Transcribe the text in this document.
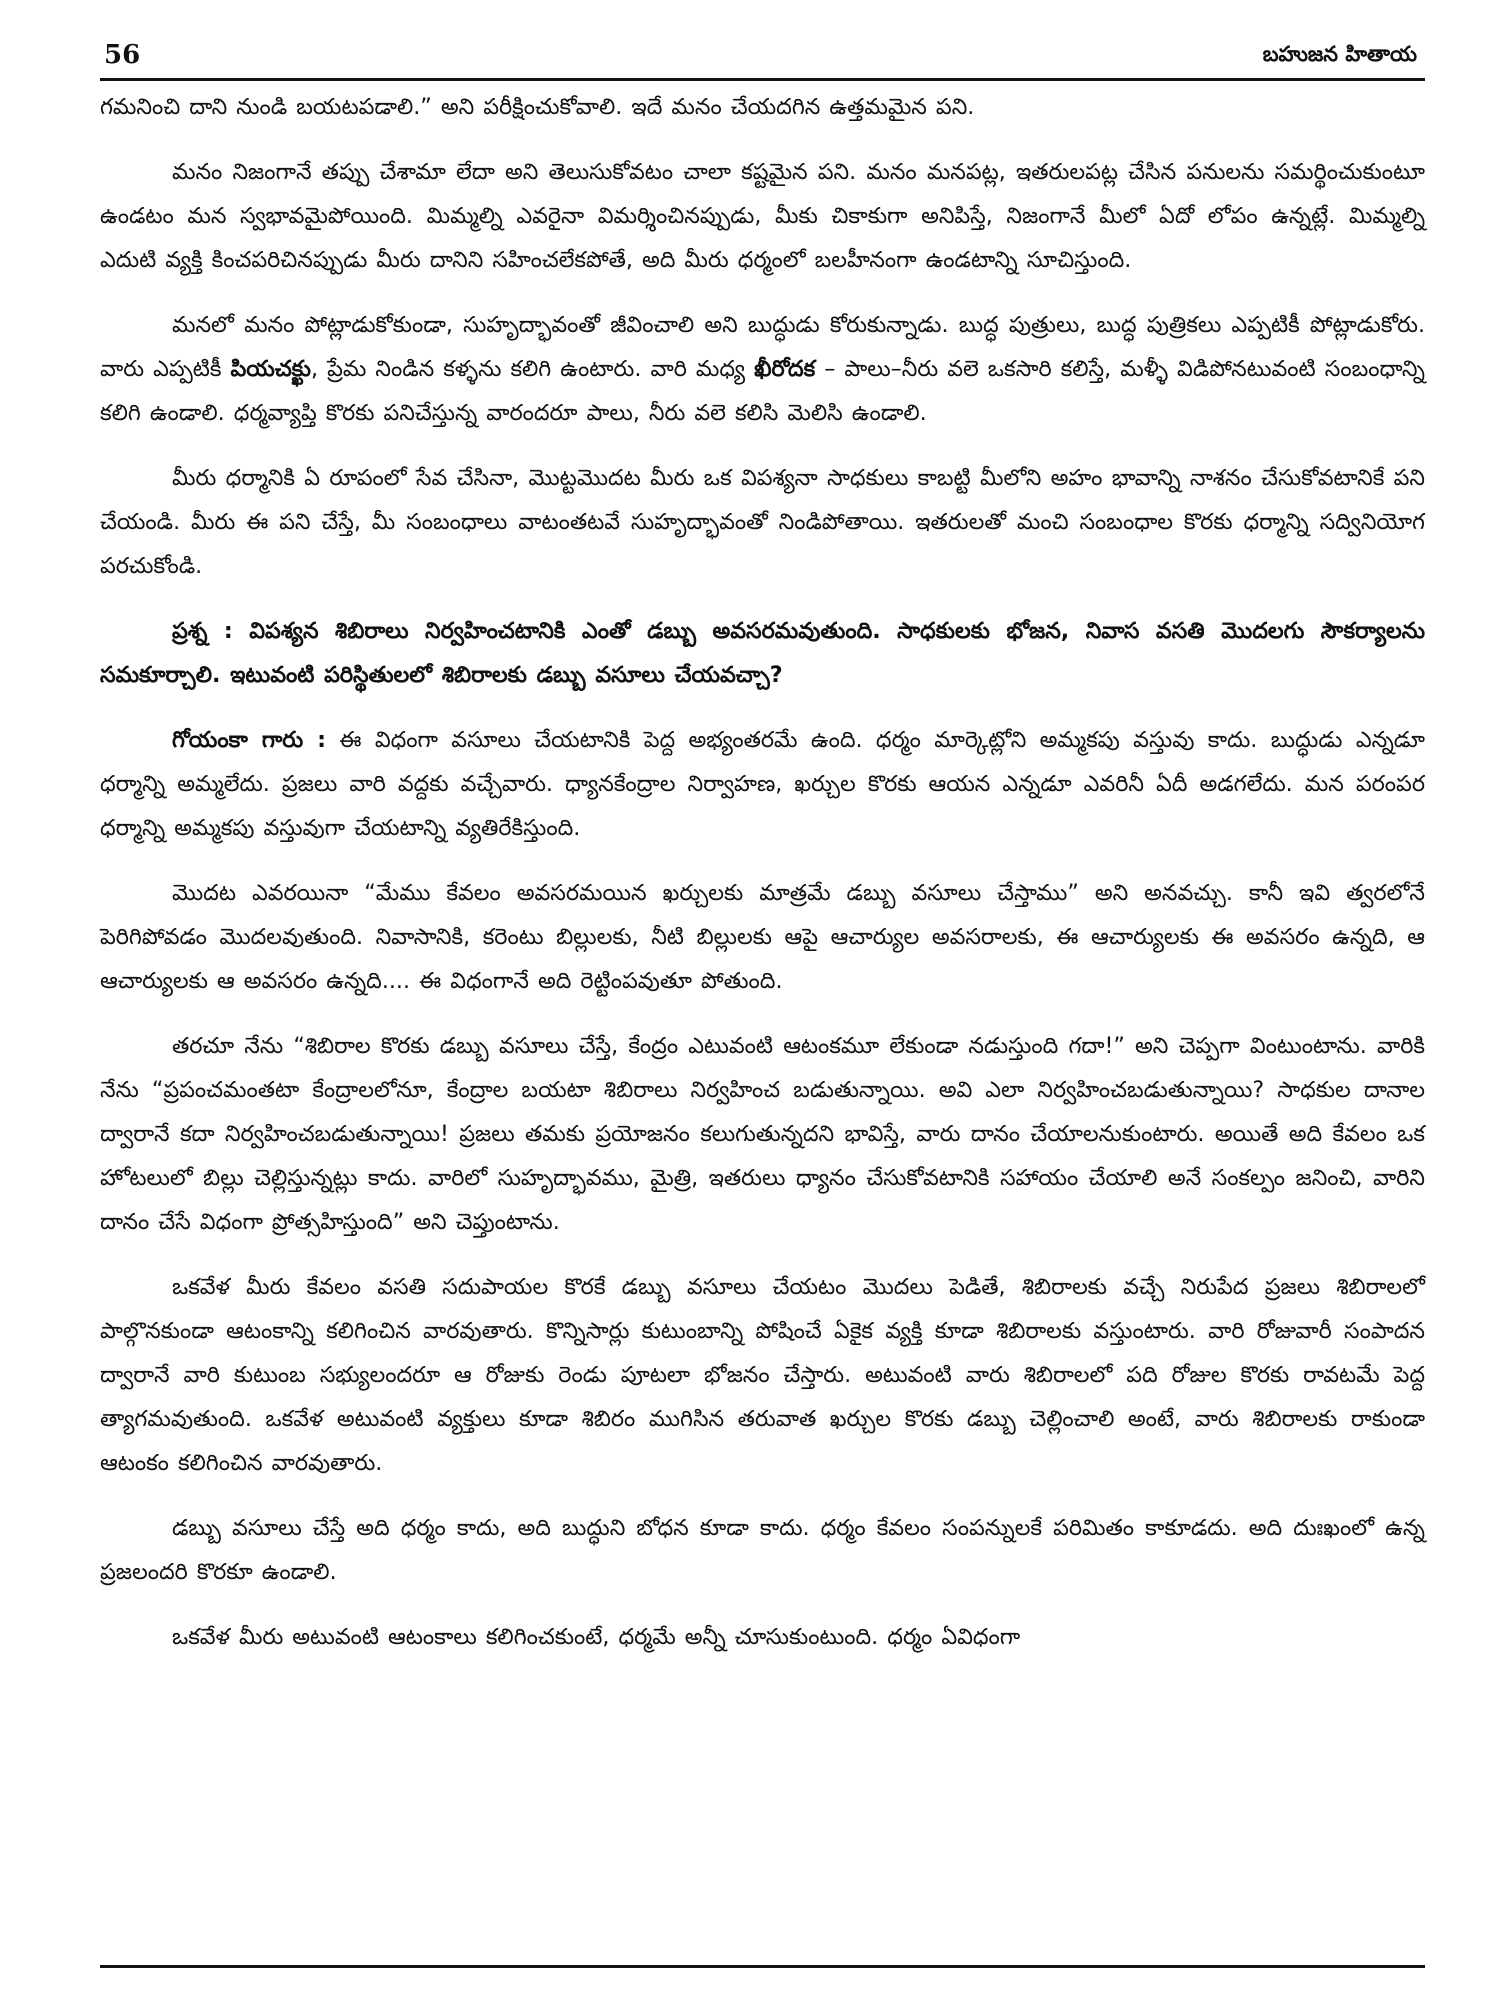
56	బహుజన హితాయ

గమనించి దాని నుండి బయటపడాలి.” అని పరీక్షించుకోవాలి. ఇదే మనం చేయదగిన ఉత్తమమైన పని.

మనం నిజంగానే తప్పు చేశామా లేదా అని తెలుసుకోవటం చాలా కష్టమైన పని. మనం మనపట్ల, ఇతరులపట్ల చేసిన పనులను సమర్థించుకుంటూ ఉండటం మన స్వభావమైపోయింది. మిమ్మల్ని ఎవరైనా విమర్శించినప్పుడు, మీకు చికాకుగా అనిపిస్తే, నిజంగానే మీలో ఏదో లోపం ఉన్నట్లే. మిమ్మల్ని ఎదుటి వ్యక్తి కించపరిచినప్పుడు మీరు దానిని సహించలేకపోతే, అది మీరు ధర్మంలో బలహీనంగా ఉండటాన్ని సూచిస్తుంది.

మనలో మనం పోట్లాడుకోకుండా, సుహృద్భావంతో జీవించాలి అని బుద్ధుడు కోరుకున్నాడు. బుద్ధ పుత్రులు, బుద్ధ పుత్రికలు ఎప్పటికీ పోట్లాడుకోరు. వారు ఎప్పటికీ పియచక్ఖు, ప్రేమ నిండిన కళ్ళను కలిగి ఉంటారు. వారి మధ్య ఖీరోదక – పాలు–నీరు వలె ఒకసారి కలిస్తే, మళ్ళీ విడిపోనటువంటి సంబంధాన్ని కలిగి ఉండాలి. ధర్మవ్యాప్తి కొరకు పనిచేస్తున్న వారందరూ పాలు, నీరు వలె కలిసి మెలిసి ఉండాలి.

మీరు ధర్మానికి ఏ రూపంలో సేవ చేసినా, మొట్టమొదట మీరు ఒక విపశ్యనా సాధకులు కాబట్టి మీలోని అహం భావాన్ని నాశనం చేసుకోవటానికే పని చేయండి. మీరు ఈ పని చేస్తే, మీ సంబంధాలు వాటంతటవే సుహృద్భావంతో నిండిపోతాయి. ఇతరులతో మంచి సంబంధాల కొరకు ధర్మాన్ని సద్వినియోగ పరచుకోండి.

ప్రశ్న : విపశ్యన శిబిరాలు నిర్వహించటానికి ఎంతో డబ్బు అవసరమవుతుంది. సాధకులకు భోజన, నివాస వసతి మొదలగు సౌకర్యాలను సమకూర్చాలి. ఇటువంటి పరిస్థితులలో శిబిరాలకు డబ్బు వసూలు చేయవచ్చా?

గోయంకా గారు : ఈ విధంగా వసూలు చేయటానికి పెద్ద అభ్యంతరమే ఉంది. ధర్మం మార్కెట్లోని అమ్మకపు వస్తువు కాదు. బుద్ధుడు ఎన్నడూ ధర్మాన్ని అమ్మలేదు. ప్రజలు వారి వద్దకు వచ్చేవారు. ధ్యానకేంద్రాల నిర్వాహణ, ఖర్చుల కొరకు ఆయన ఎన్నడూ ఎవరినీ ఏదీ అడగలేదు. మన పరంపర ధర్మాన్ని అమ్మకపు వస్తువుగా చేయటాన్ని వ్యతిరేకిస్తుంది.

మొదట ఎవరయినా “మేము కేవలం అవసరమయిన ఖర్చులకు మాత్రమే డబ్బు వసూలు చేస్తాము” అని అనవచ్చు. కానీ ఇవి త్వరలోనే పెరిగిపోవడం మొదలవుతుంది. నివాసానికి, కరెంటు బిల్లులకు, నీటి బిల్లులకు ఆపై ఆచార్యుల అవసరాలకు, ఈ ఆచార్యులకు ఈ అవసరం ఉన్నది, ఆ ఆచార్యులకు ఆ అవసరం ఉన్నది.... ఈ విధంగానే అది రెట్టింపవుతూ పోతుంది.

తరచూ నేను “శిబిరాల కొరకు డబ్బు వసూలు చేస్తే, కేంద్రం ఎటువంటి ఆటంకమూ లేకుండా నడుస్తుంది గదా!” అని చెప్పగా వింటుంటాను. వారికి నేను “ప్రపంచమంతటా కేంద్రాలలోనూ, కేంద్రాల బయటా శిబిరాలు నిర్వహించ బడుతున్నాయి. అవి ఎలా నిర్వహించబడుతున్నాయి? సాధకుల దానాల ద్వారానే కదా నిర్వహించబడుతున్నాయి! ప్రజలు తమకు ప్రయోజనం కలుగుతున్నదని భావిస్తే, వారు దానం చేయాలనుకుంటారు. అయితే అది కేవలం ఒక హోటలులో బిల్లు చెల్లిస్తున్నట్లు కాదు. వారిలో సుహృద్భావము, మైత్రి, ఇతరులు ధ్యానం చేసుకోవటానికి సహాయం చేయాలి అనే సంకల్పం జనించి, వారిని దానం చేసే విధంగా ప్రోత్సహిస్తుంది” అని చెప్తుంటాను.

ఒకవేళ మీరు కేవలం వసతి సదుపాయల కొరకే డబ్బు వసూలు చేయటం మొదలు పెడితే, శిబిరాలకు వచ్చే నిరుపేద ప్రజలు శిబిరాలలో పాల్గొనకుండా ఆటంకాన్ని కలిగించిన వారవుతారు. కొన్నిసార్లు కుటుంబాన్ని పోషించే ఏకైక వ్యక్తి కూడా శిబిరాలకు వస్తుంటారు. వారి రోజువారీ సంపాదన ద్వారానే వారి కుటుంబ సభ్యులందరూ ఆ రోజుకు రెండు పూటలా భోజనం చేస్తారు. అటువంటి వారు శిబిరాలలో పది రోజుల కొరకు రావటమే పెద్ద త్యాగమవుతుంది. ఒకవేళ అటువంటి వ్యక్తులు కూడా శిబిరం ముగిసిన తరువాత ఖర్చుల కొరకు డబ్బు చెల్లించాలి అంటే, వారు శిబిరాలకు రాకుండా ఆటంకం కలిగించిన వారవుతారు.

డబ్బు వసూలు చేస్తే అది ధర్మం కాదు, అది బుద్ధుని బోధన కూడా కాదు. ధర్మం కేవలం సంపన్నులకే పరిమితం కాకూడదు. అది దుఃఖంలో ఉన్న ప్రజలందరి కొరకూ ఉండాలి.

ఒకవేళ మీరు అటువంటి ఆటంకాలు కలిగించకుంటే, ధర్మమే అన్నీ చూసుకుంటుంది. ధర్మం ఏవిధంగా
